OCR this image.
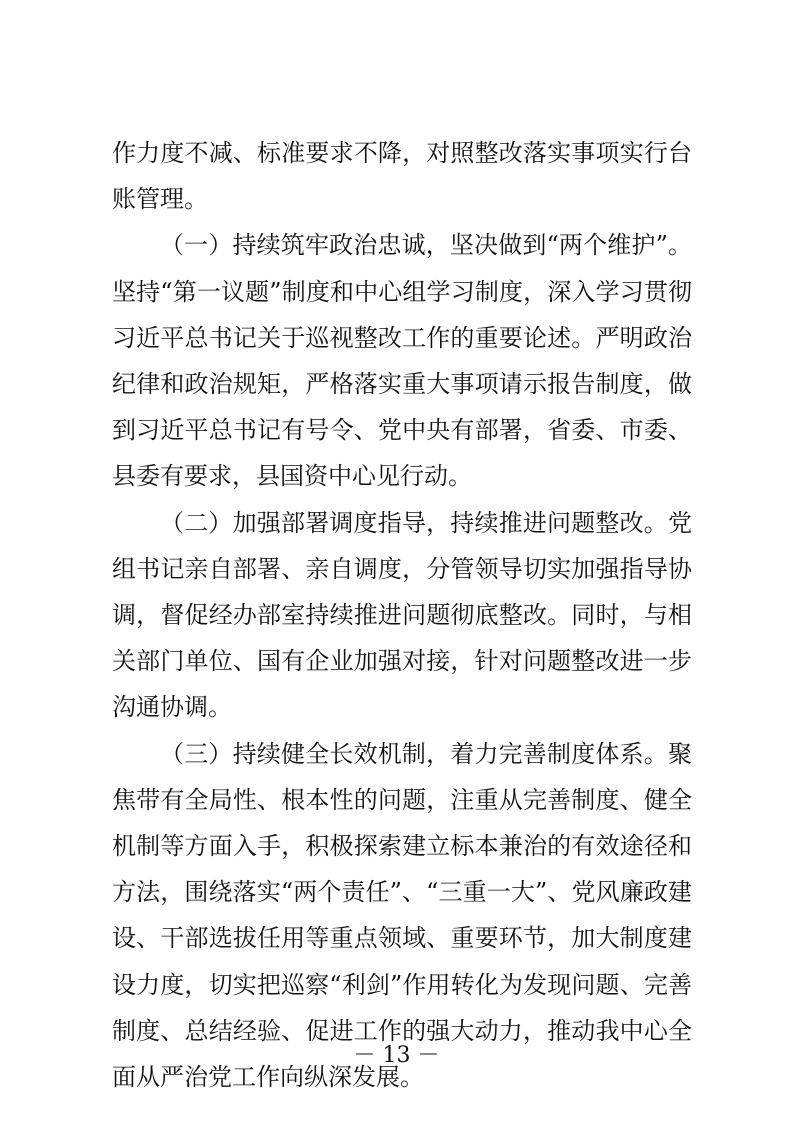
作力度不减、标准要求不降，对照整改落实事项实行台账管理。

（一）持续筑牢政治忠诚，坚决做到“两个维护”。坚持“第一议题”制度和中心组学习制度，深入学习贯彻习近平总书记关于巡视整改工作的重要论述。严明政治纪律和政治规矩，严格落实重大事项请示报告制度，做到习近平总书记有号令、党中央有部署，省委、市委、县委有要求，县国资中心见行动。

（二）加强部署调度指导，持续推进问题整改。党组书记亲自部署、亲自调度，分管领导切实加强指导协调，督促经办部室持续推进问题彻底整改。同时，与相关部门单位、国有企业加强对接，针对问题整改进一步沟通协调。

（三）持续健全长效机制，着力完善制度体系。聚焦带有全局性、根本性的问题，注重从完善制度、健全机制等方面入手，积极探索建立标本兼治的有效途径和方法，围绕落实“两个责任”、“三重一大”、党风廉政建设、干部选拔任用等重点领域、重要环节，加大制度建设力度，切实把巡察“利剑”作用转化为发现问题、完善制度、总结经验、促进工作的强大动力，推动我中心全面从严治党工作向纵深发展。

－ 13 －
